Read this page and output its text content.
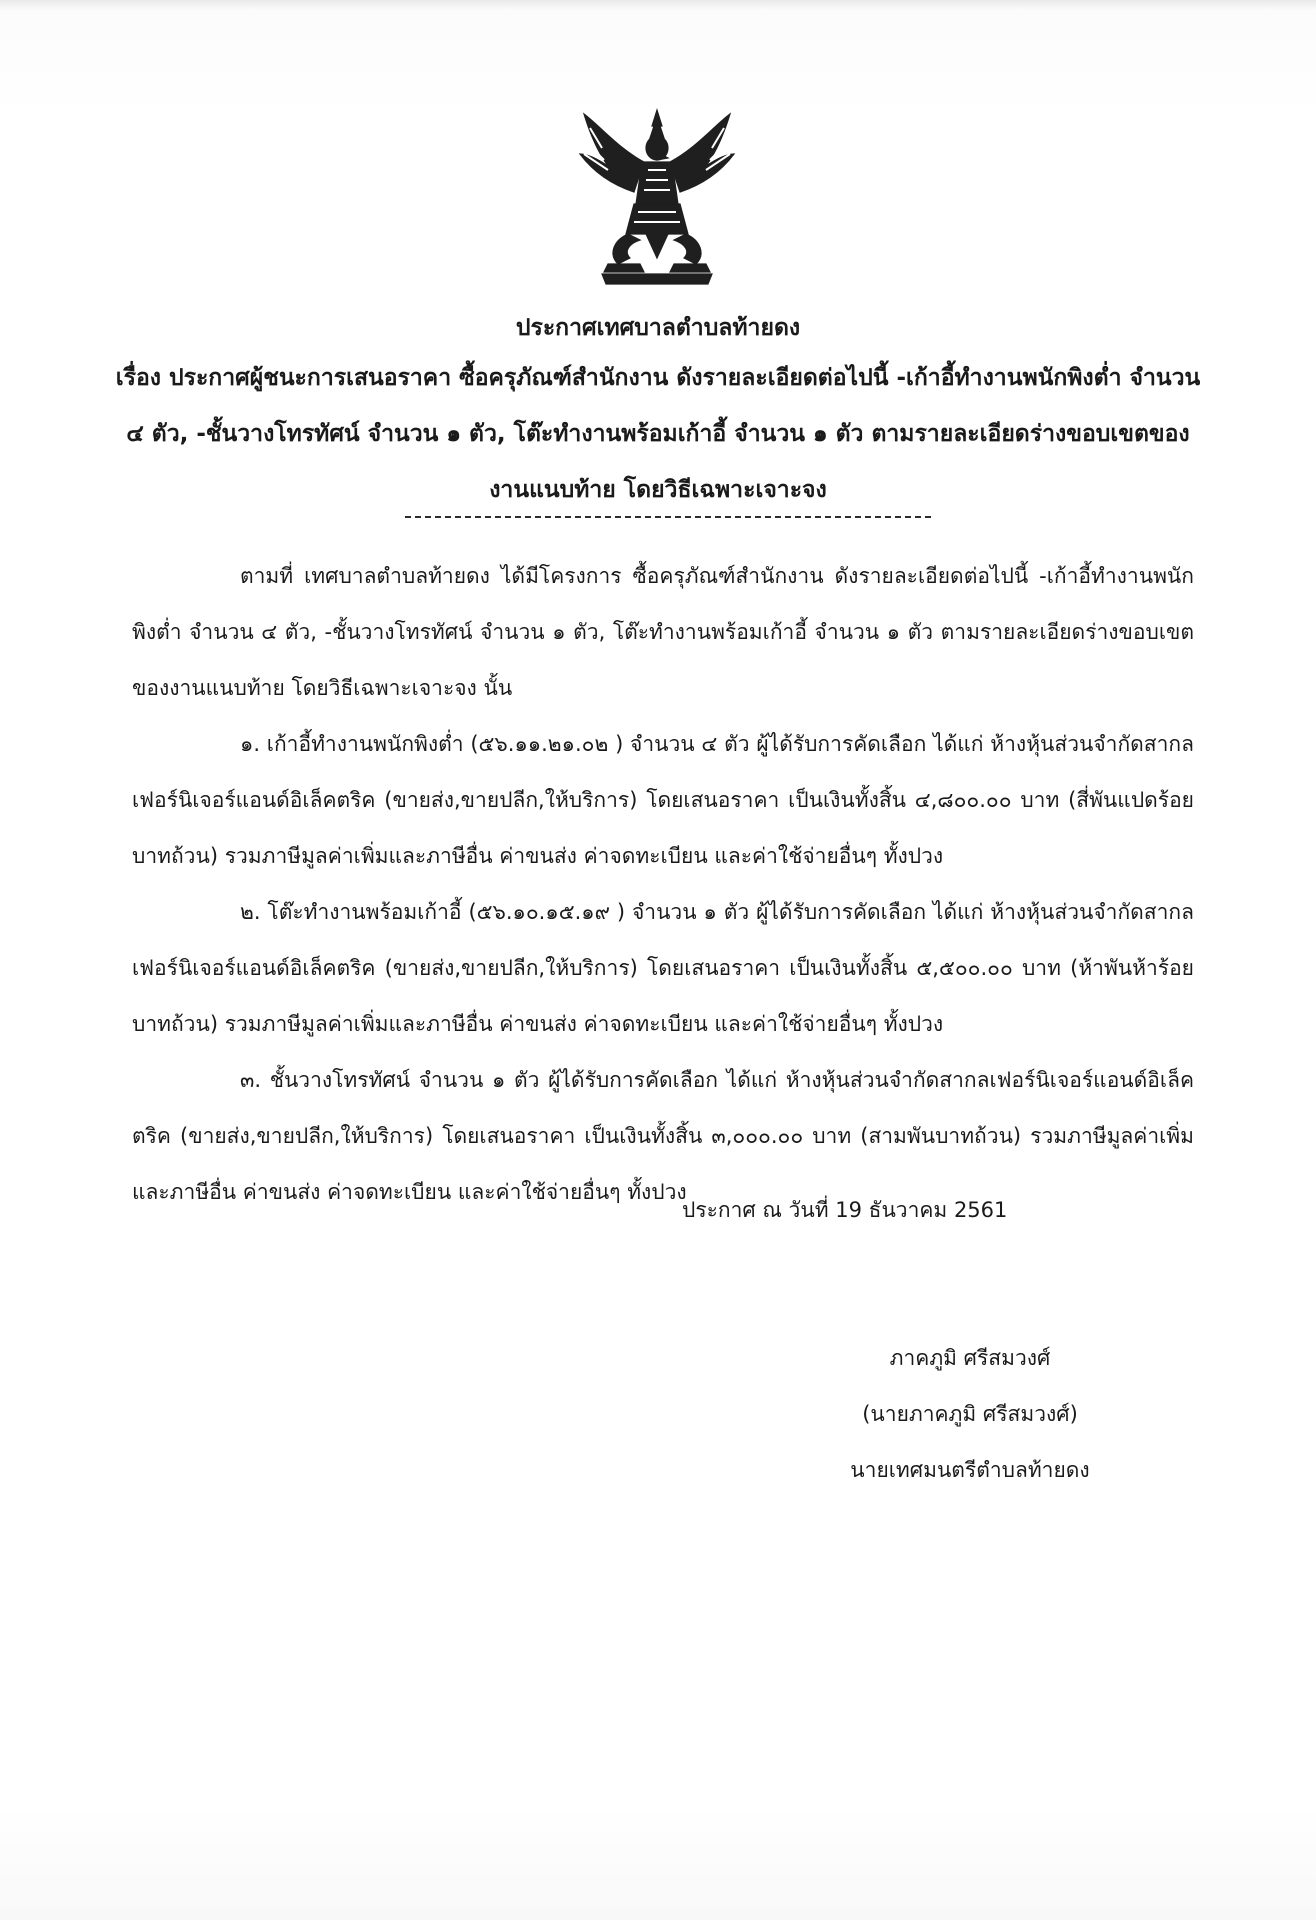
ประกาศเทศบาลตำบลท้ายดง

เรื่อง ประกาศผู้ชนะการเสนอราคา ซื้อครุภัณฑ์สำนักงาน ดังรายละเอียดต่อไปนี้ -เก้าอี้ทำงานพนักพิงต่ำ จำนวน

๔ ตัว, -ชั้นวางโทรทัศน์ จำนวน ๑ ตัว, โต๊ะทำงานพร้อมเก้าอี้ จำนวน ๑ ตัว ตามรายละเอียดร่างขอบเขตของ

งานแนบท้าย โดยวิธีเฉพาะเจาะจง

ตามที่ เทศบาลตำบลท้ายดง ได้มีโครงการ ซื้อครุภัณฑ์สำนักงาน ดังรายละเอียดต่อไปนี้ -เก้าอี้ทำงานพนักพิงต่ำ จำนวน ๔ ตัว, -ชั้นวางโทรทัศน์ จำนวน ๑ ตัว, โต๊ะทำงานพร้อมเก้าอี้ จำนวน ๑ ตัว ตามรายละเอียดร่างขอบเขตของงานแนบท้าย โดยวิธีเฉพาะเจาะจง นั้น

๑. เก้าอี้ทำงานพนักพิงต่ำ (๕๖.๑๑.๒๑.๐๒ ) จำนวน ๔ ตัว ผู้ได้รับการคัดเลือก ได้แก่ ห้างหุ้นส่วนจำกัดสากลเฟอร์นิเจอร์แอนด์อิเล็คตริค (ขายส่ง,ขายปลีก,ให้บริการ) โดยเสนอราคา เป็นเงินทั้งสิ้น ๔,๘๐๐.๐๐ บาท (สี่พันแปดร้อยบาทถ้วน) รวมภาษีมูลค่าเพิ่มและภาษีอื่น ค่าขนส่ง ค่าจดทะเบียน และค่าใช้จ่ายอื่นๆ ทั้งปวง

๒. โต๊ะทำงานพร้อมเก้าอี้ (๕๖.๑๐.๑๕.๑๙ ) จำนวน ๑ ตัว ผู้ได้รับการคัดเลือก ได้แก่ ห้างหุ้นส่วนจำกัดสากลเฟอร์นิเจอร์แอนด์อิเล็คตริค (ขายส่ง,ขายปลีก,ให้บริการ) โดยเสนอราคา เป็นเงินทั้งสิ้น ๕,๕๐๐.๐๐ บาท (ห้าพันห้าร้อยบาทถ้วน) รวมภาษีมูลค่าเพิ่มและภาษีอื่น ค่าขนส่ง ค่าจดทะเบียน และค่าใช้จ่ายอื่นๆ ทั้งปวง

๓. ชั้นวางโทรทัศน์ จำนวน ๑ ตัว ผู้ได้รับการคัดเลือก ได้แก่ ห้างหุ้นส่วนจำกัดสากลเฟอร์นิเจอร์แอนด์อิเล็คตริค (ขายส่ง,ขายปลีก,ให้บริการ) โดยเสนอราคา เป็นเงินทั้งสิ้น ๓,๐๐๐.๐๐ บาท (สามพันบาทถ้วน) รวมภาษีมูลค่าเพิ่มและภาษีอื่น ค่าขนส่ง ค่าจดทะเบียน และค่าใช้จ่ายอื่นๆ ทั้งปวง

ประกาศ ณ วันที่ 19 ธันวาคม 2561
ภาคภูมิ ศรีสมวงศ์
(นายภาคภูมิ ศรีสมวงศ์)
นายเทศมนตรีตำบลท้ายดง
